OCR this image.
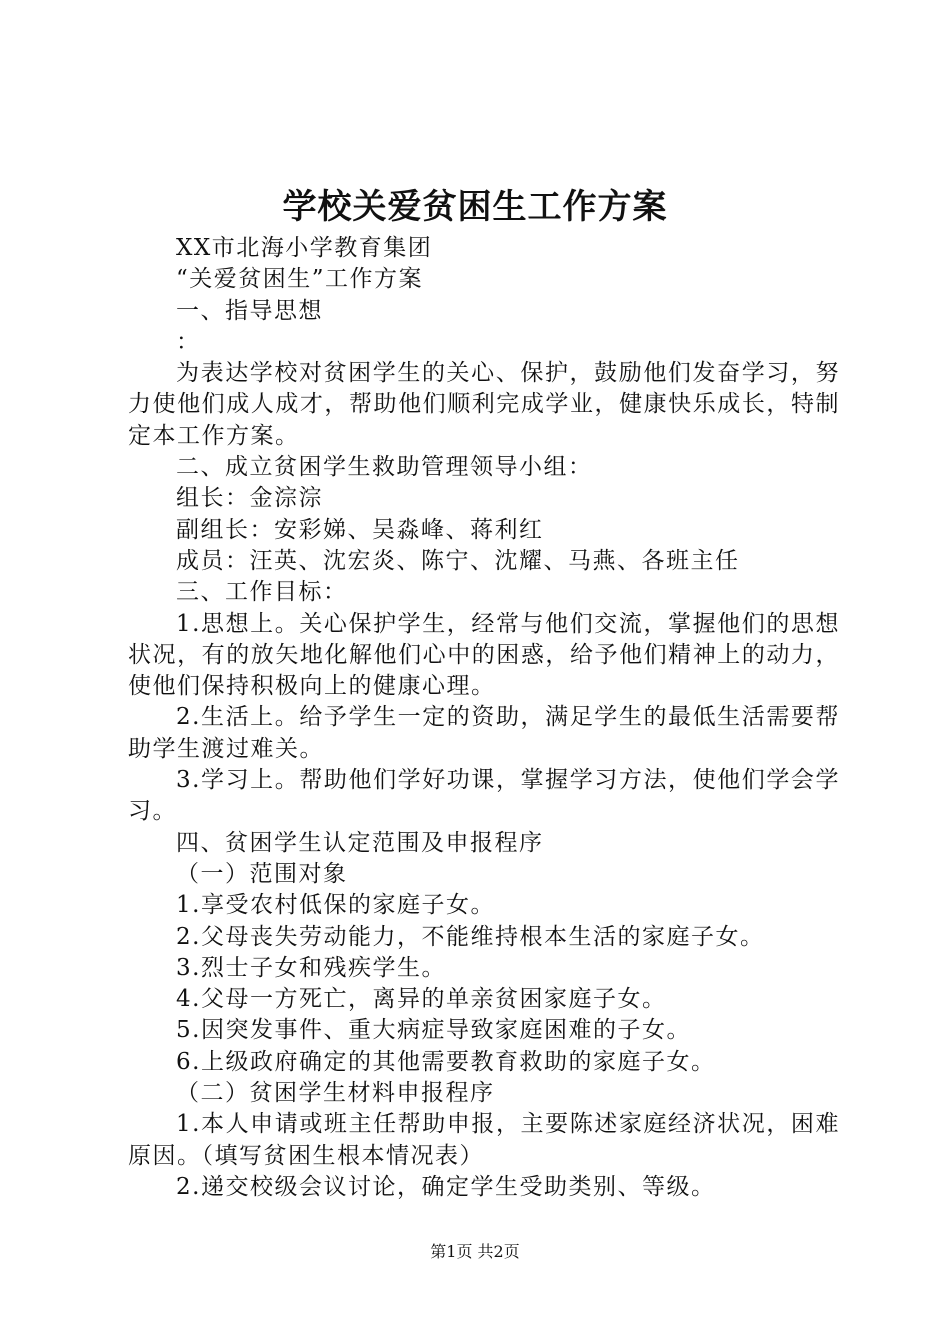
学校关爱贫困生工作方案

XX市北海小学教育集团

“关爱贫困生”工作方案

一、指导思想

：

为表达学校对贫困学生的关心、保护，鼓励他们发奋学习，努力使他们成人成才，帮助他们顺利完成学业，健康快乐成长，特制定本工作方案。

二、成立贫困学生救助管理领导小组：

组长：金淙淙

副组长：安彩娣、吴淼峰、蒋利红

成员：汪英、沈宏炎、陈宁、沈耀、马燕、各班主任

三、工作目标：

1.思想上。关心保护学生，经常与他们交流，掌握他们的思想状况，有的放矢地化解他们心中的困惑，给予他们精神上的动力，使他们保持积极向上的健康心理。

2.生活上。给予学生一定的资助，满足学生的最低生活需要帮助学生渡过难关。

3.学习上。帮助他们学好功课，掌握学习方法，使他们学会学习。

四、贫困学生认定范围及申报程序

（一）范围对象

1.享受农村低保的家庭子女。

2.父母丧失劳动能力，不能维持根本生活的家庭子女。

3.烈士子女和残疾学生。

4.父母一方死亡，离异的单亲贫困家庭子女。

5.因突发事件、重大病症导致家庭困难的子女。

6.上级政府确定的其他需要教育救助的家庭子女。

（二）贫困学生材料申报程序

1.本人申请或班主任帮助申报，主要陈述家庭经济状况，困难原因。（填写贫困生根本情况表）

2.递交校级会议讨论，确定学生受助类别、等级。

第1页 共2页
